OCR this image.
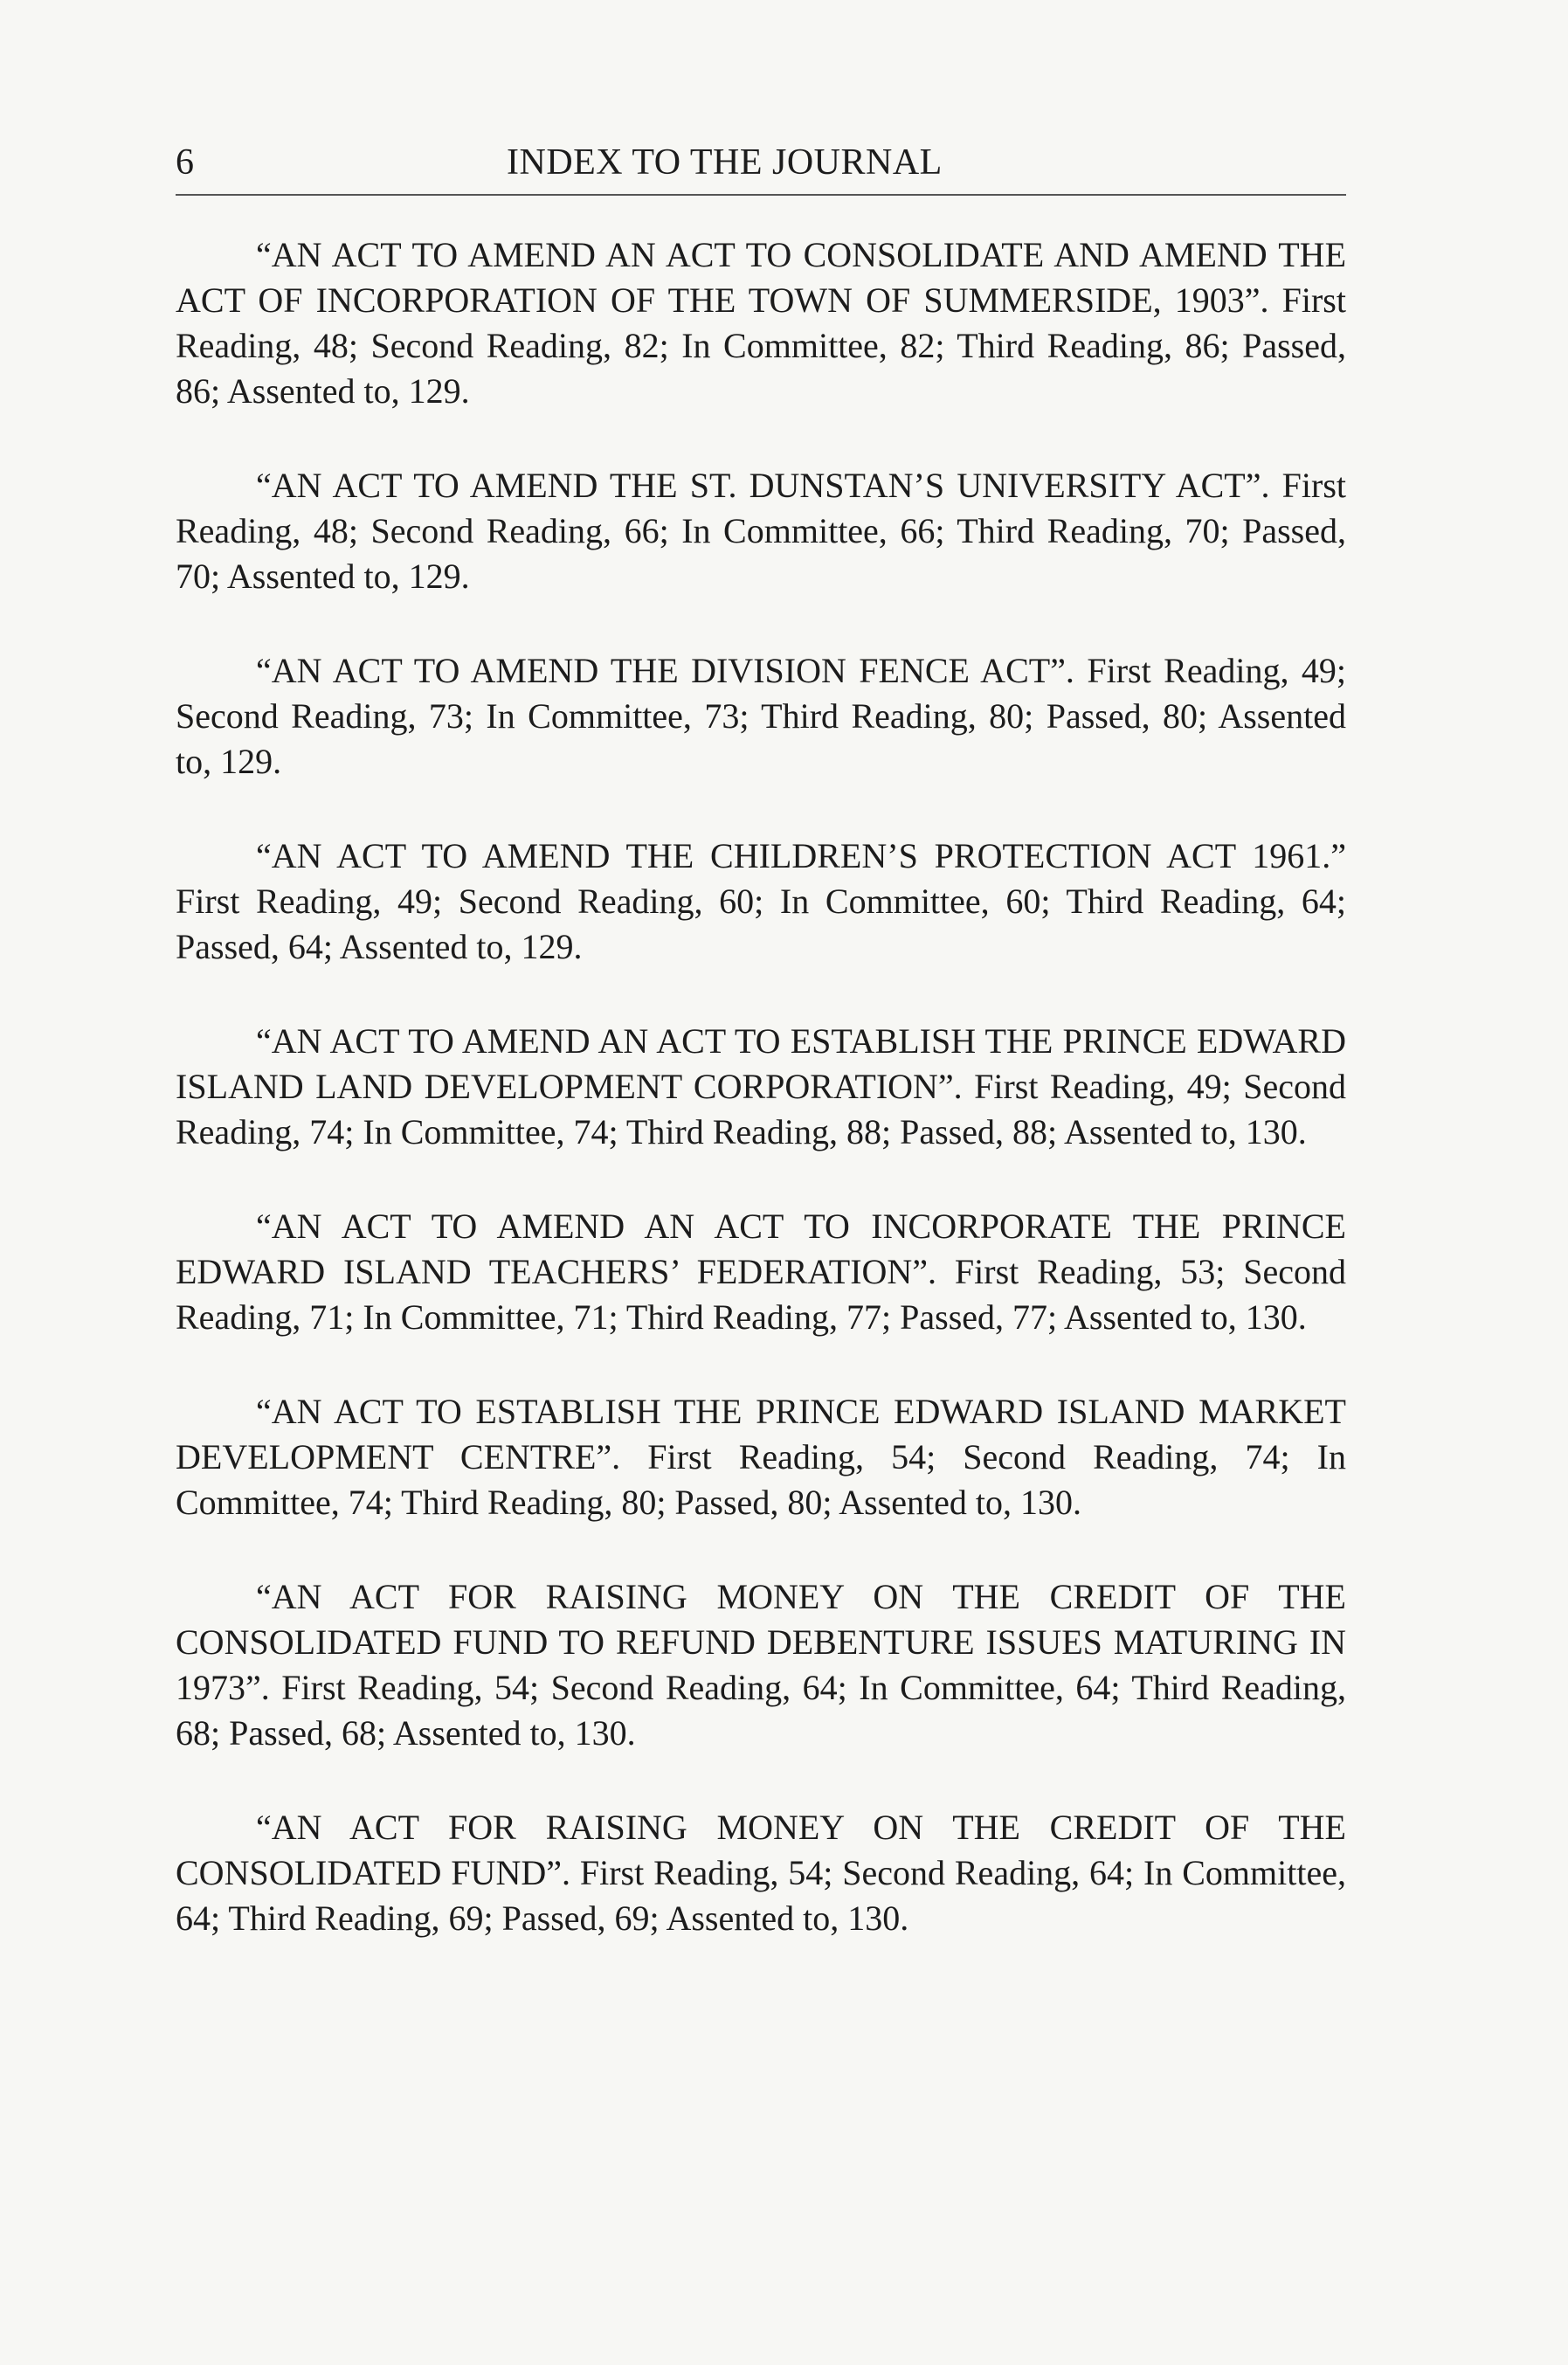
6	INDEX TO THE JOURNAL

“AN ACT TO AMEND AN ACT TO CONSOLIDATE AND AMEND THE ACT OF INCORPORATION OF THE TOWN OF SUMMERSIDE, 1903”. First Reading, 48; Second Reading, 82; In Committee, 82; Third Reading, 86; Passed, 86; Assented to, 129.

“AN ACT TO AMEND THE ST. DUNSTAN’S UNIVERSITY ACT”. First Reading, 48; Second Reading, 66; In Committee, 66; Third Reading, 70; Passed, 70; Assented to, 129.

“AN ACT TO AMEND THE DIVISION FENCE ACT”. First Reading, 49; Second Reading, 73; In Committee, 73; Third Reading, 80; Passed, 80; Assented to, 129.

“AN ACT TO AMEND THE CHILDREN’S PROTECTION ACT 1961.” First Reading, 49; Second Reading, 60; In Committee, 60; Third Reading, 64; Passed, 64; Assented to, 129.

“AN ACT TO AMEND AN ACT TO ESTABLISH THE PRINCE EDWARD ISLAND LAND DEVELOPMENT CORPORATION”. First Reading, 49; Second Reading, 74; In Committee, 74; Third Reading, 88; Passed, 88; Assented to, 130.

“AN ACT TO AMEND AN ACT TO INCORPORATE THE PRINCE EDWARD ISLAND TEACHERS’ FEDERATION”. First Reading, 53; Second Reading, 71; In Committee, 71; Third Reading, 77; Passed, 77; Assented to, 130.

“AN ACT TO ESTABLISH THE PRINCE EDWARD ISLAND MARKET DEVELOPMENT CENTRE”. First Reading, 54; Second Reading, 74; In Committee, 74; Third Reading, 80; Passed, 80; Assented to, 130.

“AN ACT FOR RAISING MONEY ON THE CREDIT OF THE CONSOLIDATED FUND TO REFUND DEBENTURE ISSUES MATURING IN 1973”. First Reading, 54; Second Reading, 64; In Committee, 64; Third Reading, 68; Passed, 68; Assented to, 130.

“AN ACT FOR RAISING MONEY ON THE CREDIT OF THE CONSOLIDATED FUND”. First Reading, 54; Second Reading, 64; In Committee, 64; Third Reading, 69; Passed, 69; Assented to, 130.
